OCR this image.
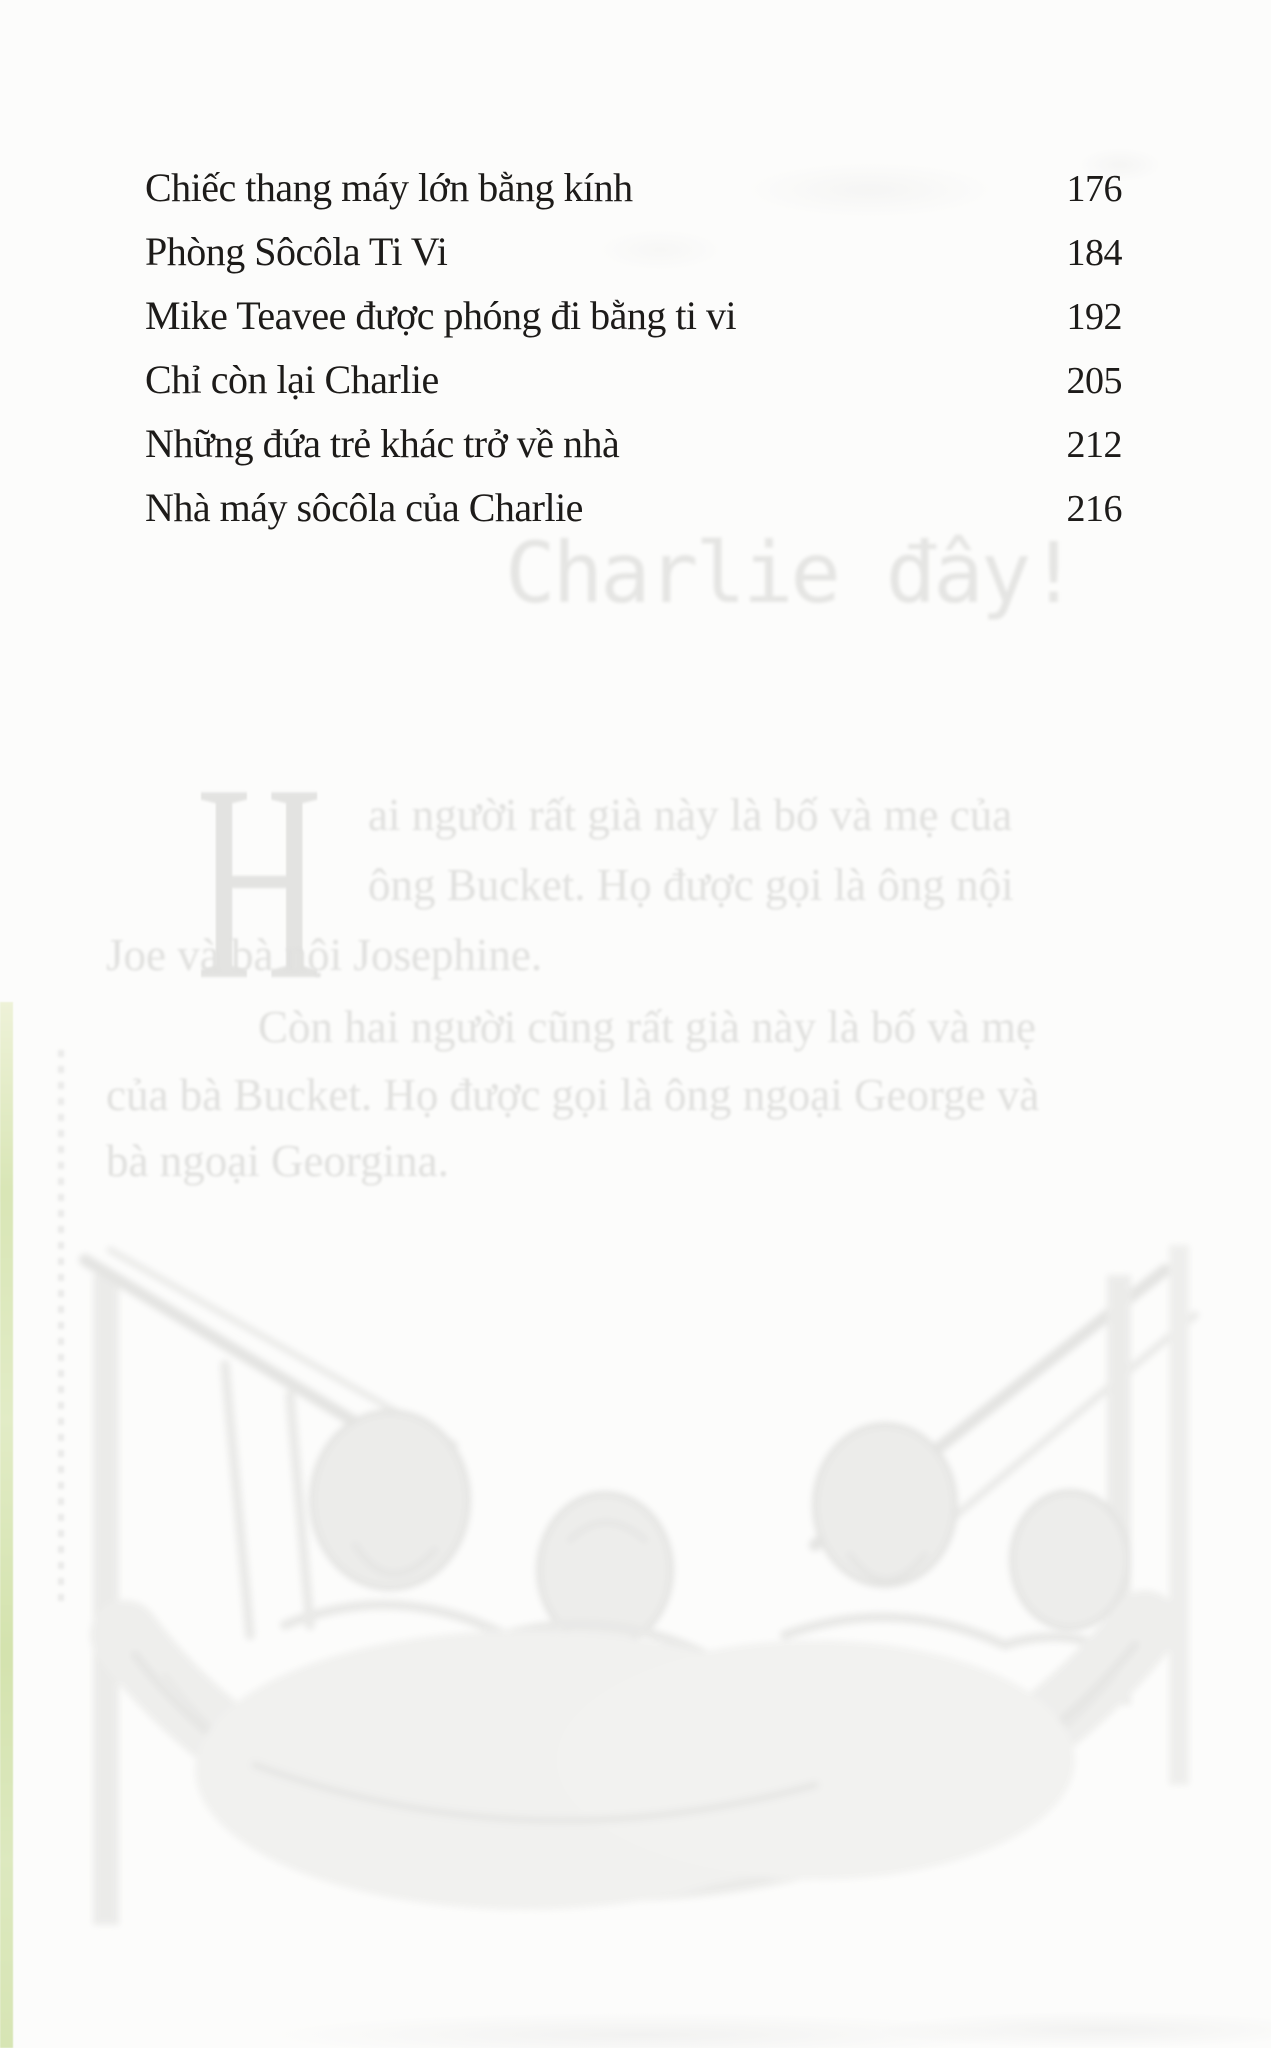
Chiếc thang máy lớn bằng kính	176
Phòng Sôcôla Ti Vi	184
Mike Teavee được phóng đi bằng ti vi	192
Chỉ còn lại Charlie	205
Những đứa trẻ khác trở về nhà	212
Nhà máy sôcôla của Charlie	216
Charlie đây!
H ai người rất già này là bố và mẹ của
ông Bucket. Họ được gọi là ông nội
Joe và bà nội Josephine.
Còn hai người cũng rất già này là bố và mẹ
của bà Bucket. Họ được gọi là ông ngoại George và
bà ngoại Georgina.
